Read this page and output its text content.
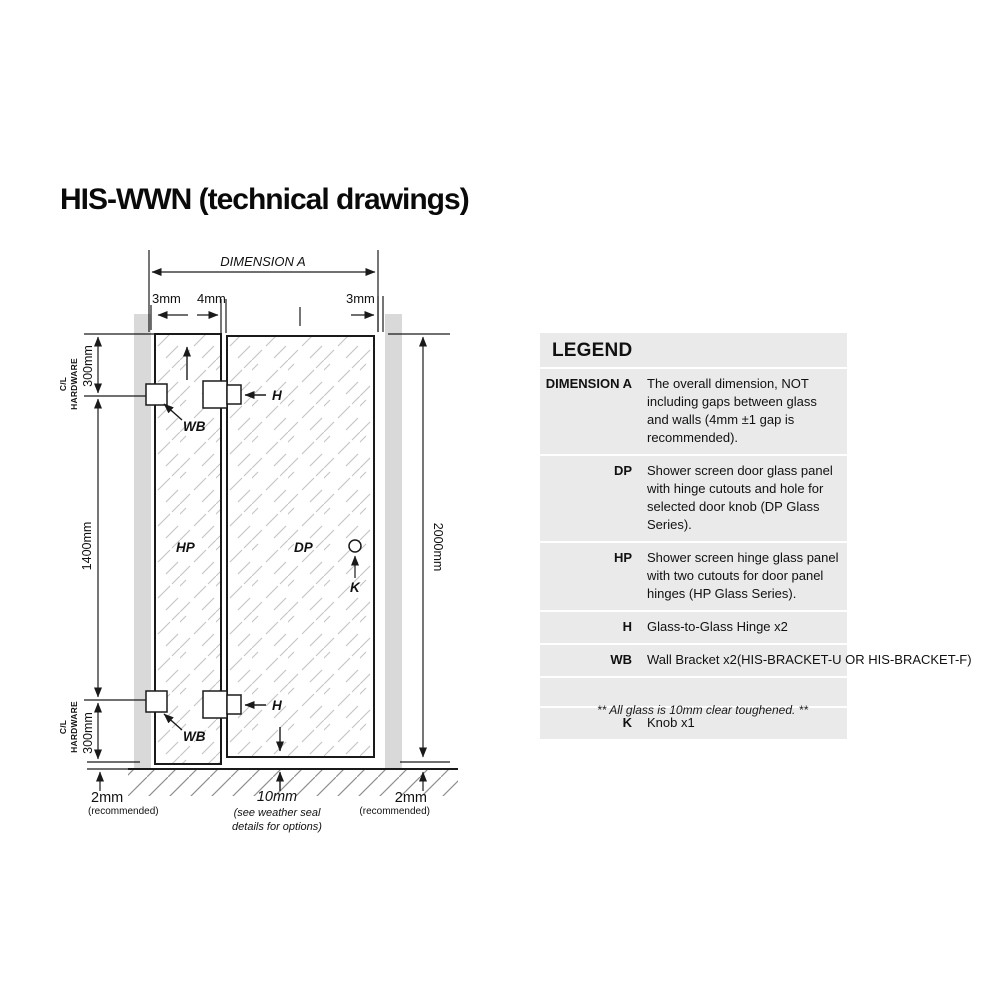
HIS-WWN (technical drawings)
DIMENSION A
3mm 4mm	3mm
C/L HARDWARE 300mm
1400mm
C/L HARDWARE 300mm
2000mm
HP	DP
WB
WB
H
H
K
2mm
(recommended)
10mm
(see weather seal
details for options)
2mm
(recommended)
LEGEND
DIMENSION A	The overall dimension, NOT including gaps between glass and walls (4mm ±1 gap is recommended).
DP	Shower screen door glass panel with hinge cutouts and hole for selected door knob (DP Glass Series).
HP	Shower screen hinge glass panel with two cutouts for door panel hinges (HP Glass Series).
H	Glass-to-Glass Hinge x2
WB	Wall Bracket x2(HIS-BRACKET-U OR HIS-BRACKET-F)
K	Knob x1
** All glass is 10mm clear toughened. **
